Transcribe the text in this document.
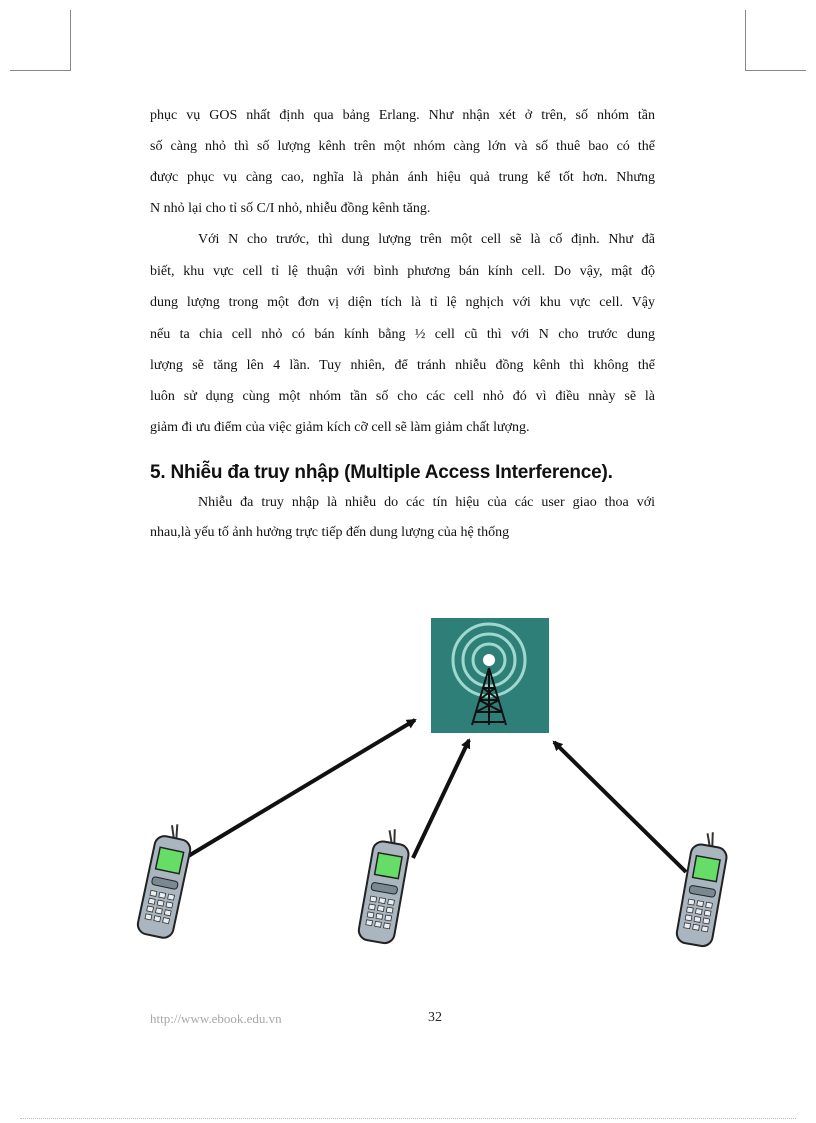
phục vụ GOS nhất định qua bảng Erlang. Như nhận xét ở trên, số nhóm tần
số càng nhỏ thì số lượng kênh trên một nhóm càng lớn và số thuê bao có thể
được phục vụ càng cao, nghĩa là phản ánh hiệu quả trung kế tốt hơn. Nhưng
N nhỏ lại cho tỉ số C/I nhỏ, nhiễu đồng kênh tăng.
Với N cho trước, thì dung lượng trên một cell sẽ là cố định. Như đã
biết, khu vực cell tỉ lệ thuận với bình phương bán kính cell. Do vậy, mật độ
dung lượng trong một đơn vị diện tích là tỉ lệ nghịch với khu vực cell. Vậy
nếu ta chia cell nhỏ có bán kính bằng ½ cell cũ thì với N cho trước dung
lượng sẽ tăng lên 4 lần. Tuy nhiên, để tránh nhiễu đồng kênh thì không thể
luôn sử dụng cùng một nhóm tần số cho các cell nhỏ đó vì điều nnày sẽ là
giảm đi ưu điểm của việc giảm kích cỡ cell sẽ làm giảm chất lượng.
5. Nhiễu đa truy nhập (Multiple Access Interference).
Nhiễu đa truy nhập là nhiễu do các tín hiệu của các user giao thoa với
nhau,là yếu tố ảnh hưởng trực tiếp đến dung lượng của hệ thống
http://www.ebook.edu.vn	32
